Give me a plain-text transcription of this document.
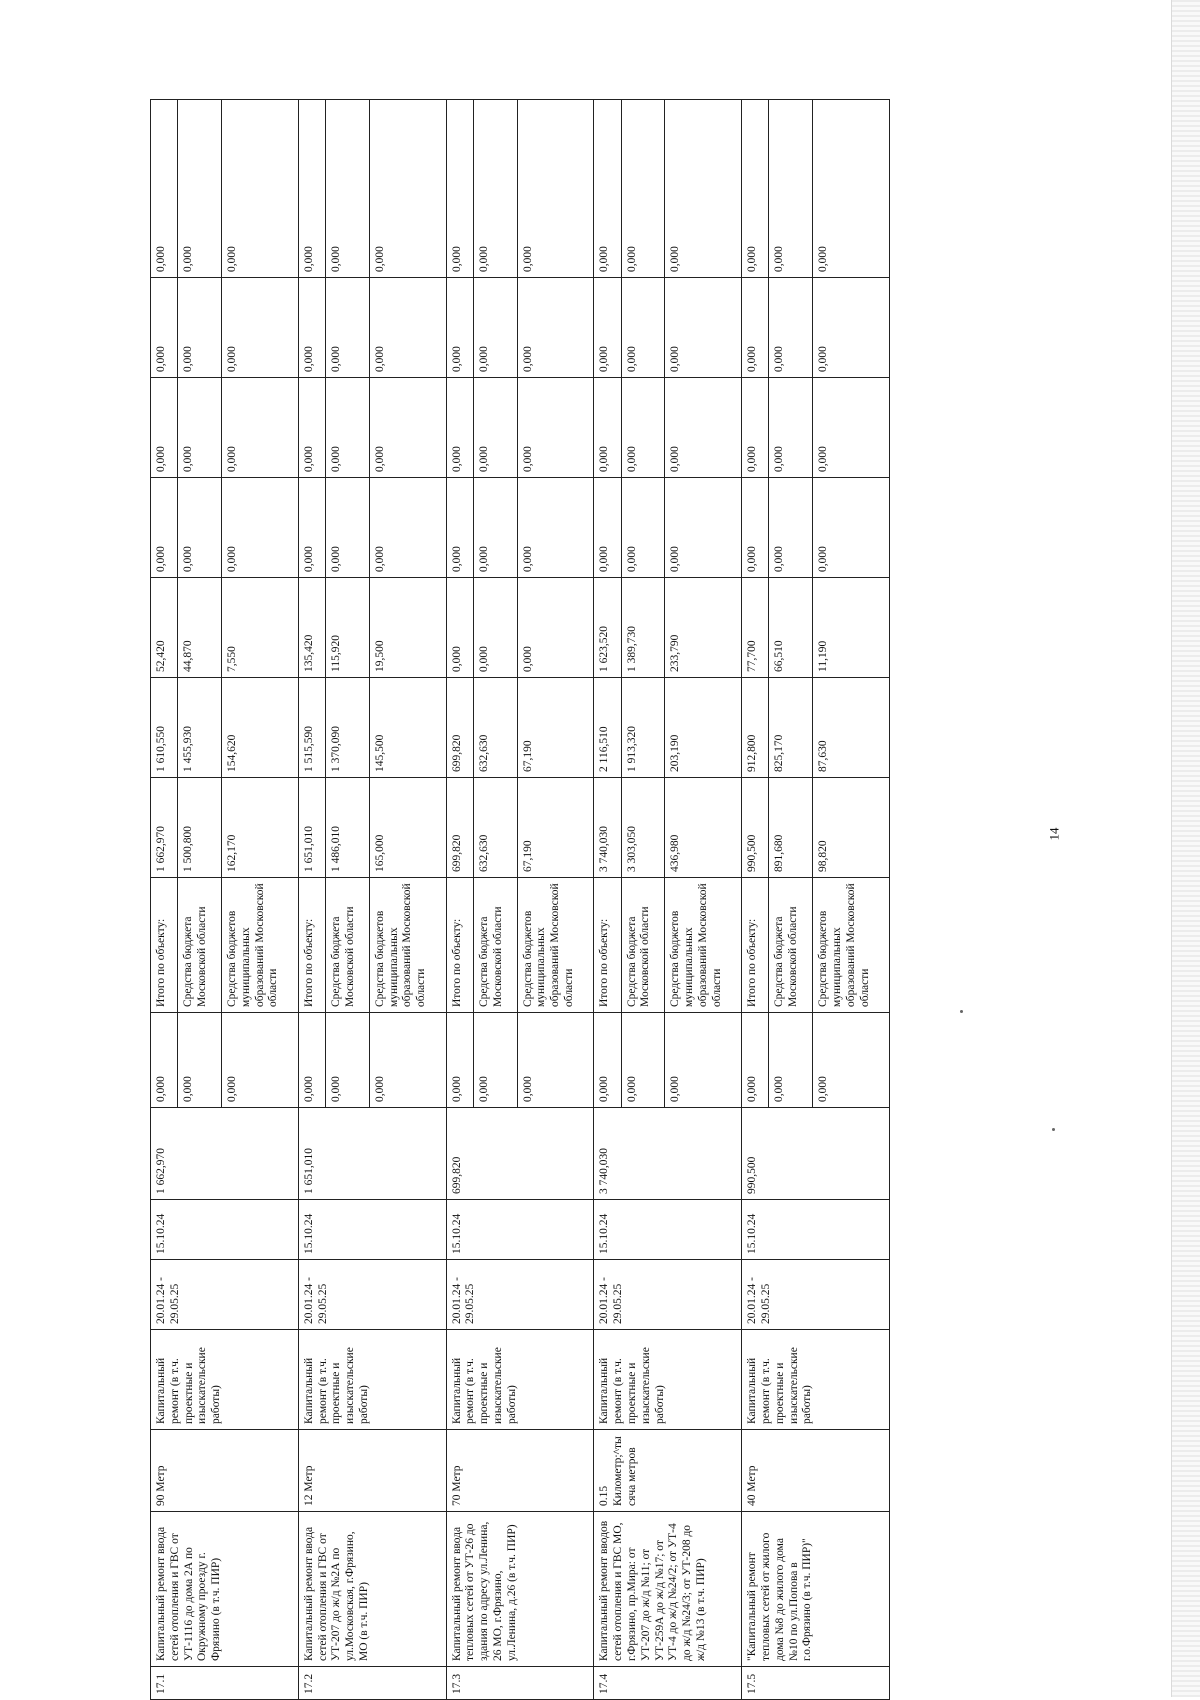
17.1	Капитальный ремонт ввода сетей отопления и ГВС от УТ-1116 до дома 2А по Окружному проезду г. Фрязино (в т.ч. ПИР)	90 Метр	Капитальный ремонт (в т.ч. проектные и изыскательские работы)	20.01.24 - 29.05.25	15.10.24	1 662,970	0,000	Итого по объекту:	1 662,970	1 610,550	52,420	0,000	0,000	0,000	0,000
							0,000	Средства бюджета Московской области	1 500,800	1 455,930	44,870	0,000	0,000	0,000	0,000
							0,000	Средства бюджетов муниципальных образований Московской области	162,170	154,620	7,550	0,000	0,000	0,000	0,000
17.2	Капитальный ремонт ввода сетей отопления и ГВС от УТ-207 до ж/д №2А по ул.Московская, г.Фрязино, МО (в т.ч. ПИР)	12 Метр	Капитальный ремонт (в т.ч. проектные и изыскательские работы)	20.01.24 - 29.05.25	15.10.24	1 651,010	0,000	Итого по объекту:	1 651,010	1 515,590	135,420	0,000	0,000	0,000	0,000
							0,000	Средства бюджета Московской области	1 486,010	1 370,090	115,920	0,000	0,000	0,000	0,000
							0,000	Средства бюджетов муниципальных образований Московской области	165,000	145,500	19,500	0,000	0,000	0,000	0,000
17.3	Капитальный ремонт ввода тепловых сетей от УТ-26 до здания по адресу ул.Ленина, 26 МО, г.Фрязино, ул.Ленина, д.26 (в т.ч. ПИР)	70 Метр	Капитальный ремонт (в т.ч. проектные и изыскательские работы)	20.01.24 - 29.05.25	15.10.24	699,820	0,000	Итого по объекту:	699,820	699,820	0,000	0,000	0,000	0,000	0,000
							0,000	Средства бюджета Московской области	632,630	632,630	0,000	0,000	0,000	0,000	0,000
							0,000	Средства бюджетов муниципальных образований Московской области	67,190	67,190	0,000	0,000	0,000	0,000	0,000
17.4	Капитальный ремонт вводов сетей отопления и ГВС МО, г.Фрязино, пр.Мира: от УТ-207 до ж/д №11; от УТ-259А до ж/д №17; от УТ-4 до ж/д №24/2; от УТ-4 до ж/д №24/3; от УТ-208 до ж/д №13 (в т.ч. ПИР)	0.15 Километр;^тысяча метров	Капитальный ремонт (в т.ч. проектные и изыскательские работы)	20.01.24 - 29.05.25	15.10.24	3 740,030	0,000	Итого по объекту:	3 740,030	2 116,510	1 623,520	0,000	0,000	0,000	0,000
							0,000	Средства бюджета Московской области	3 303,050	1 913,320	1 389,730	0,000	0,000	0,000	0,000
							0,000	Средства бюджетов муниципальных образований Московской области	436,980	203,190	233,790	0,000	0,000	0,000	0,000
17.5	"Капитальный ремонт тепловых сетей от жилого дома №8 до жилого дома №10 по ул.Попова в г.о.Фрязино (в т.ч. ПИР)"	40 Метр	Капитальный ремонт (в т.ч. проектные и изыскательские работы)	20.01.24 - 29.05.25	15.10.24	990,500	0,000	Итого по объекту:	990,500	912,800	77,700	0,000	0,000	0,000	0,000
							0,000	Средства бюджета Московской области	891,680	825,170	66,510	0,000	0,000	0,000	0,000
							0,000	Средства бюджетов муниципальных образований Московской области	98,820	87,630	11,190	0,000	0,000	0,000	0,000
14
